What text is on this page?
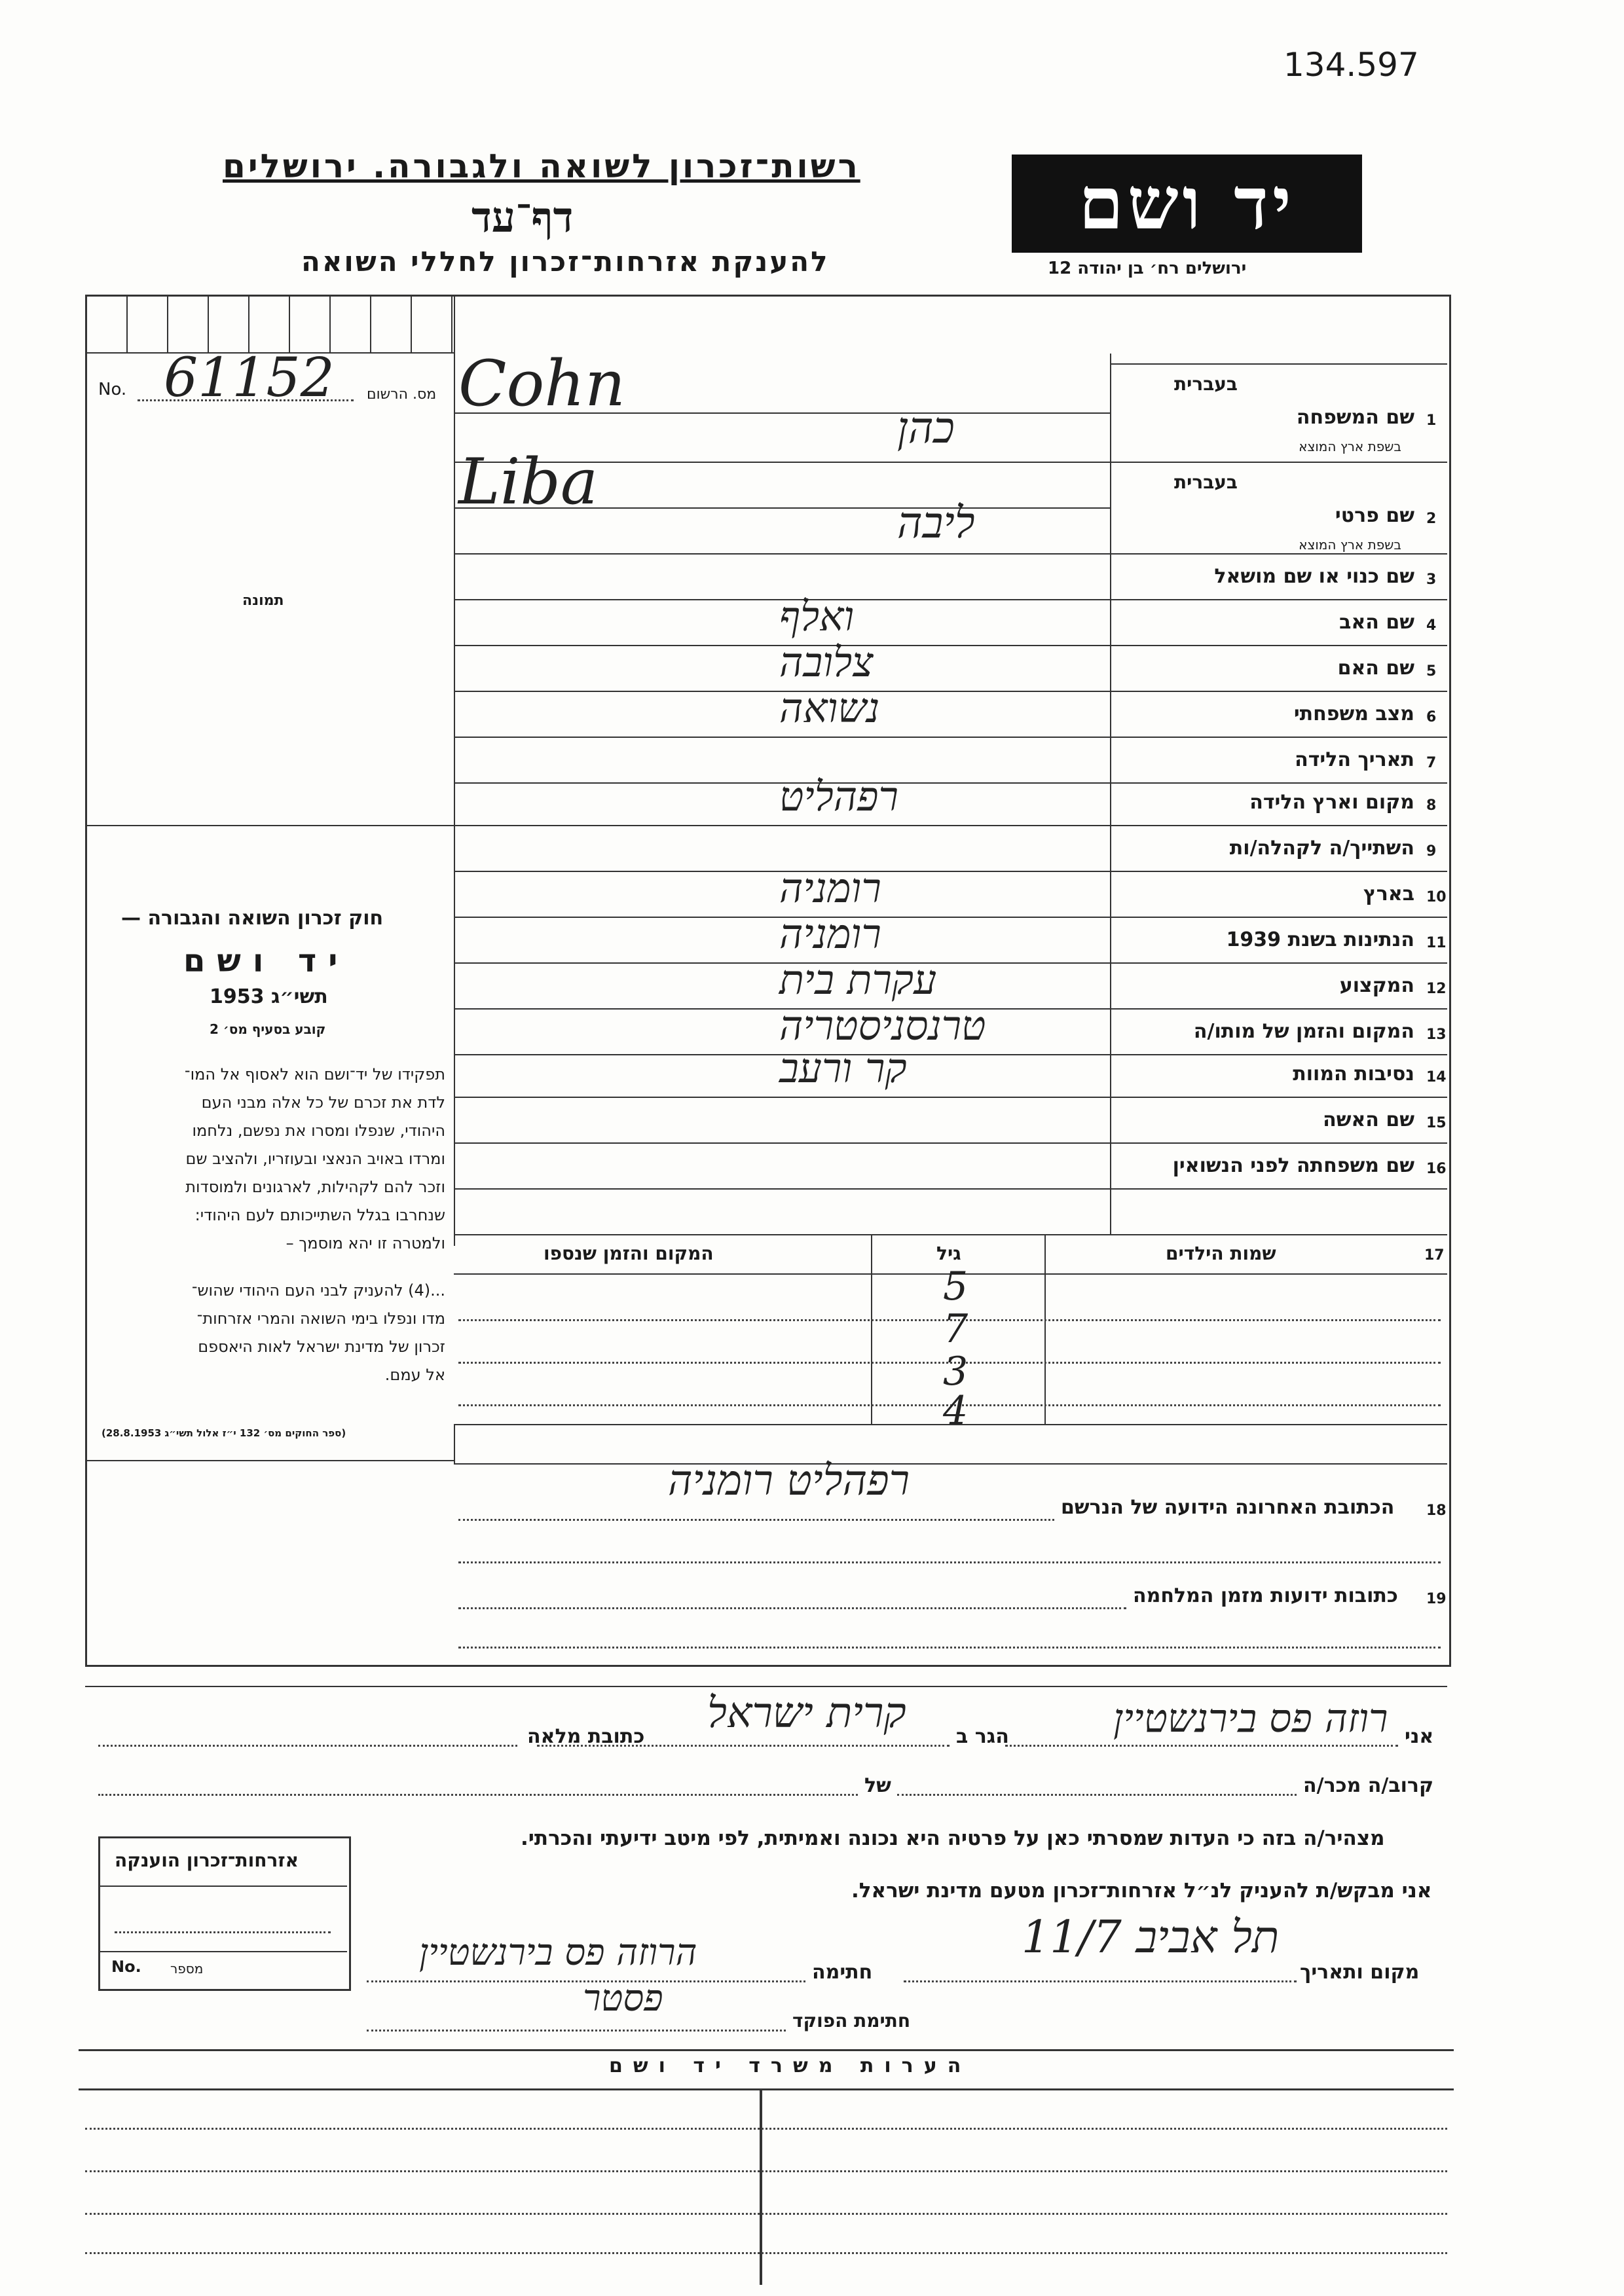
134.597
רשות־זכרון לשואה ולגבורה. ירושלים
דף־עד
להענקת אזרחות־זכרון לחללי השואה
יד ושם
ירושלים רח׳ בן יהודה 12
No. 61152 מס. הרשום
תמונה
חוק זכרון השואה והגבורה —
יד ושם
תשי״ג 1953
קובע בסעיף מס׳ 2
תפקידו של יד־ושם הוא לאסוף אל המו־
לדת את זכרם של כל אלה מבני העם
היהודי, שנפלו ומסרו את נפשם, נלחמו
ומרדו באויב הנאצי ובעוזריו, ולהציב שם
וזכר להם לקהילות, לארגונים ולמוסדות
שנחרבו בגלל השתייכותם לעם היהודי:
ולמטרה זו יהא מוסמך –
...(4) להעניק לבני העם היהודי שהוש־
מדו ונפלו בימי השואה והמרי אזרחות־
זכרון של מדינת ישראל לאות היאספם
אל עמם.
(ספר החוקים מס׳ 132 י״ז אלול תשי״ג 28.8.1953)
1
שם המשפחה
בעברית
בשפת ארץ המוצא
Cohn
כהן
2
שם פרטי
בעברית
בשפת ארץ המוצא
Liba
ליבה
3
שם כנוי או שם מושאל
4
שם האב
ואלף
5
שם האם
צלובה
6
מצב משפחתי
נשואה
7
תאריך הלידה
8
מקום וארץ הלידה
רפהליט
9
השתייך/ה לקהלה/ות
10
בארץ
רומניה
11
הנתינות בשנת 1939
רומניה
12
המקצוע
עקרת בית
13
המקום והזמן של מותו/ה
טרנסניסטריה
14
נסיבות המוות
קר ורעב
15
שם האשה
16
שם משפחתה לפני הנשואין
17
שמות הילדים
גיל
המקום והזמן שנספו
5
7
3
4
18
הכתובת האחרונה הידועה של הנרשם
רפהליט רומניה
19
כתובות ידועות מזמן המלחמה
אני
רוזה פס בירנשטיין
הגר ב
קרית ישראל
כתובת מלאה
קרוב/ה מכר/ה
של
מצהיר/ה בזה כי העדות שמסרתי כאן על פרטיה היא נכונה ואמיתית, לפי מיטב ידיעתי והכרתי.
אני מבקש/ת להעניק לנ״ל אזרחות־זכרון מטעם מדינת ישראל.
מקום ותאריך
תל אביב 11/7
חתימה
הרוזה פס בירנשטיין
חתימת הפוקד
פסטר
אזרחות־זכרון הוענקה
No. מספר
הערות משרד יד ושם
